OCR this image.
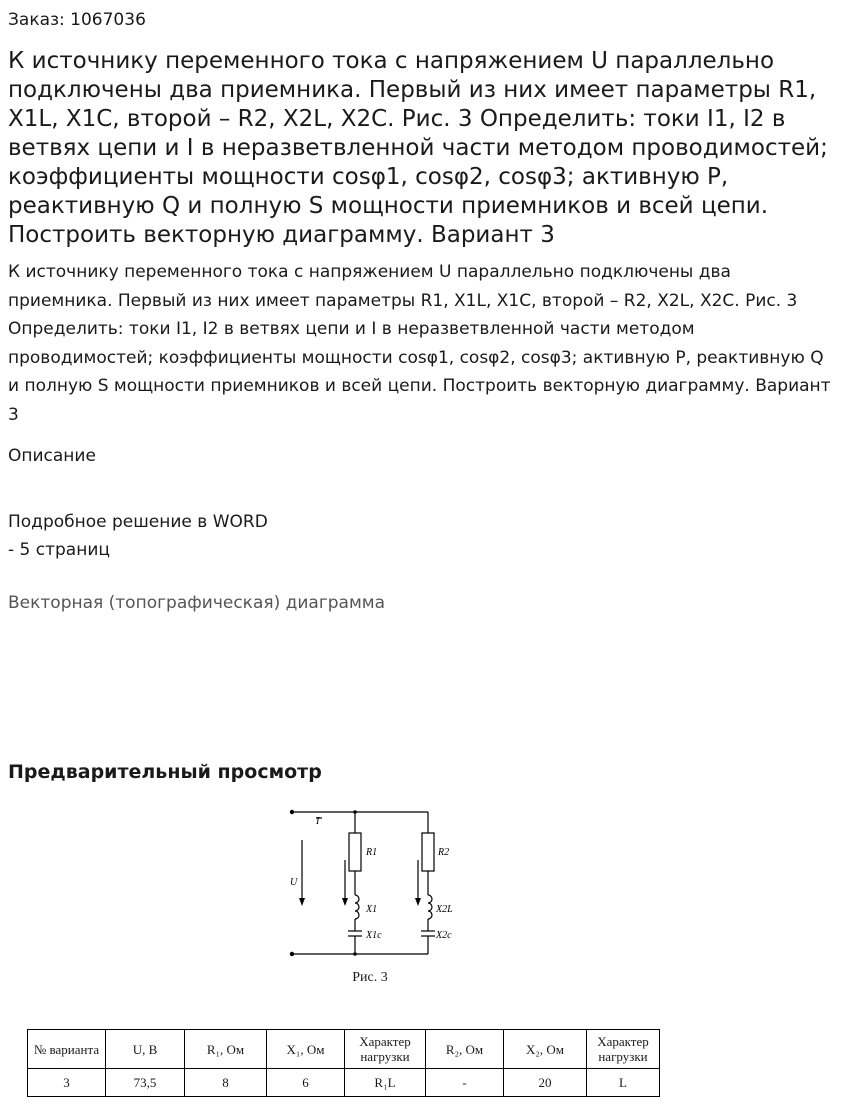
Заказ: 1067036
К источнику переменного тока с напряжением U параллельно подключены два приемника. Первый из них имеет параметры R1, X1L, X1C, второй – R2, X2L, X2C. Рис. 3 Определить: токи I1, I2 в ветвях цепи и I в неразветвленной части методом проводимостей; коэффициенты мощности cosφ1, cosφ2, cosφ3; активную P, реактивную Q и полную S мощности приемников и всей цепи. Построить векторную диаграмму. Вариант 3
К источнику переменного тока с напряжением U параллельно подключены два приемника. Первый из них имеет параметры R1, X1L, X1C, второй – R2, X2L, X2C. Рис. 3 Определить: токи I1, I2 в ветвях цепи и I в неразветвленной части методом проводимостей; коэффициенты мощности cosφ1, cosφ2, cosφ3; активную P, реактивную Q и полную S мощности приемников и всей цепи. Построить векторную диаграмму. Вариант 3
Описание
Подробное решение в WORD
- 5 страниц
Векторная (топографическая) диаграмма
Предварительный просмотр
I
U
R1	R2
X1
X1c
X2L
X2c
Рис. 3
№ варианта	U, В	R₁, Ом	X₁, Ом	Характер нагрузки	R₂, Ом	X₂, Ом	Характер нагрузки
3	73,5	8	6	R₁L	-	20	L
